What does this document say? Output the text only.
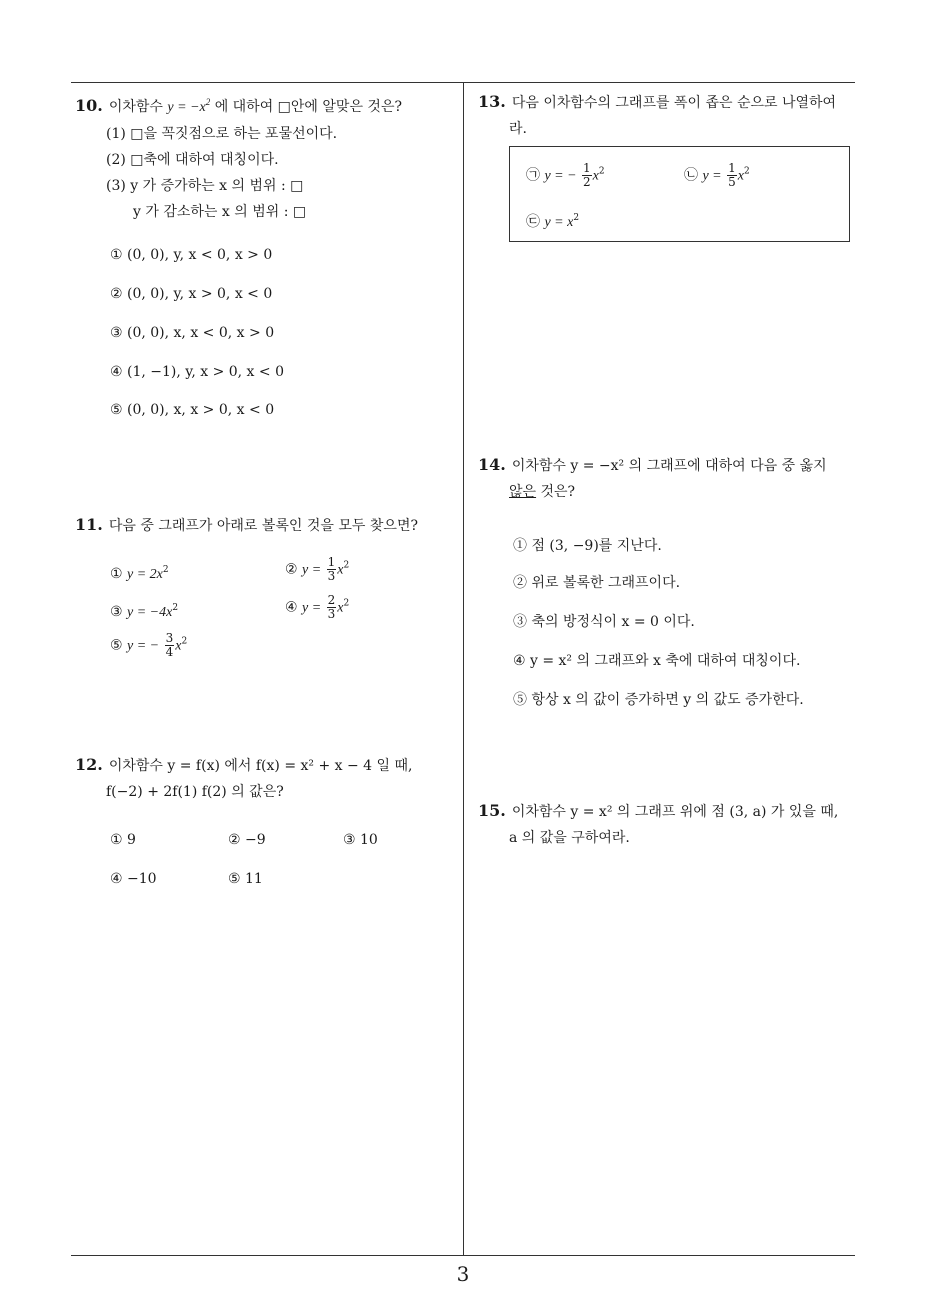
3
10. 이차함수 $y = -x^2$ 에 대하여 □안에 알맞은 것은?
(1) □을 꼭짓점으로 하는 포물선이다.
(2) □축에 대하여 대칭이다.
(3) y 가 증가하는 x 의 범위 : □
y 가 감소하는 x 의 범위 : □
① (0, 0), y, x < 0, x > 0
② (0, 0), y, x > 0, x < 0
③ (0, 0), x, x < 0, x > 0
④ (1, −1), y, x > 0, x < 0
⑤ (0, 0), x, x > 0, x < 0
11. 다음 중 그래프가 아래로 볼록인 것을 모두 찾으면?
① $y = 2x^2$	② $y = \frac{1}{3} x^2$
③ $y = -4x^2$	④ $y = \frac{2}{3} x^2$
⑤ y = − $\frac{3}{4} x^2$
12. 이차함수 y = f(x) 에서 f(x) = x² + x − 4 일 때,
f(−2) + 2f(1) f(2) 의 값은?
① 9	② −9	③ 10
④ −10	⑤ 11
13. 다음 이차함수의 그래프를 폭이 좁은 순으로 나열하여
라.
㉠ y = − $\frac{1}{2} x^2$	㉡ $y = \frac{1}{5} x^2$
㉢ $y = x^2$
14. 이차함수 y = −x² 의 그래프에 대하여 다음 중 옳지
않은 것은?
① 점 (3, −9)를 지난다.
② 위로 볼록한 그래프이다.
③ 축의 방정식이 x = 0 이다.
④ y = x² 의 그래프와 x 축에 대하여 대칭이다.
⑤ 항상 x 의 값이 증가하면 y 의 값도 증가한다.
15. 이차함수 y = x² 의 그래프 위에 점 (3, a) 가 있을 때,
a 의 값을 구하여라.
